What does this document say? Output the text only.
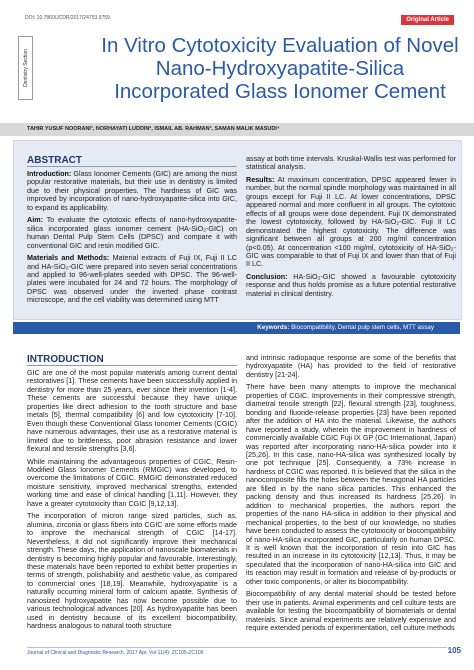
DOI: 10.7860/JCDR/2017/24753.9759	Original Article
Dentistry Section
In Vitro Cytotoxicity Evaluation of Novel Nano-Hydroxyapatite-Silica Incorporated Glass Ionomer Cement
TAHIR YUSUF NOORANI¹, NORHAYATI LUDDIN², ISMAIL AB. RAHMAN³, SAMAN MALIK MASUDI⁴
ABSTRACT

Introduction: Glass Ionomer Cements (GIC) are among the most popular restorative materials, but their use in dentistry is limited due to their physical properties. The hardness of GIC was improved by incorporation of nano-hydroxyapatite-silica into GIC, to expand its applicability.

Aim: To evaluate the cytotoxic effects of nano-hydroxyapatite-silica incorporated glass ionomer cement (HA-SiO₂-GIC) on human Dental Pulp Stem Cells (DPSC) and compare it with conventional GIC and resin modified GIC.

Materials and Methods: Material extracts of Fuji IX, Fuji II LC and HA-SiO₂-GIC were prepared into seven serial concentrations and applied to 96-well-plates seeded with DPSC. The 96-well-plates were incubated for 24 and 72 hours. The morphology of DPSC was observed under the inverted phase contrast microscope, and the cell viability was determined using MTT

assay at both time intervals. Kruskal-Wallis test was performed for statistical analysis.

Results: At maximum concentration, DPSC appeared fewer in number, but the normal spindle morphology was maintained in all groups except for Fuji II LC. At lower concentrations, DPSC appeared normal and more confluent in all groups. The cytotoxic effects of all groups were dose dependent. Fuji IX demonstrated the lowest cytotoxicity, followed by HA-SiO₂-GIC. Fuji II LC demonstrated the highest cytotoxicity. The difference was significant between all groups at 200 mg/ml concentration (p<0.05). At concentration <100 mg/ml, cytotoxicity of HA-SiO₂-GIC was comparable to that of Fuji IX and lower than that of Fuji II LC.

Conclusion: HA-SiO₂-GIC showed a favourable cytotoxicity response and thus holds promise as a future potential restorative material in clinical dentistry.

Keywords: Biocompatibility, Dental pulp stem cells, MTT assay
INTRODUCTION

GIC are one of the most popular materials among current dental restoratives [1]. These cements have been successfully applied in dentistry for more than 25 years, ever since their invention [1-4]. These cements are successful because they have unique properties like direct adhesion to the tooth structure and base metals [5], thermal compatibility [6] and low cytotoxicity [7-10]. Even though these Conventional Glass Ionomer Cements (CGIC) have numerous advantages, their use as a restorative material is limited due to brittleness, poor abrasion resistance and lower flexural and tensile strengths [3,6].

While maintaining the advantageous properties of CGIC, Resin-Modified Glass Ionomer Cements (RMGIC) was developed, to overcome the limitations of CGIC. RMGIC demonstrated reduced moisture sensitivity, improved mechanical strengths, extended working time and ease of clinical handling [1,11]. However, they have a greater cytotoxicity than CGIC [9,12,13].

The incorporation of micron range sized particles, such as, alumina, zirconia or glass fibers into CGIC are some efforts made to improve the mechanical strength of CGIC [14-17]. Nevertheless, it did not significantly improve their mechanical strength. These days, the application of nanoscale biomaterials in dentistry is becoming highly popular and favourable. Interestingly, these materials have been reported to exhibit better properties in terms of strength, polishability and aesthetic value, as compared to commercial ones [18,19]. Meanwhile, hydroxyapatite is a naturally occurring mineral form of calcium apatite. Synthesis of nanosized hydroxyapatite has now become possible due to various technological advances [20]. As hydroxyapatite has been used in dentistry because of its excellent biocompatibility, hardness analogous to natural tooth structure

and intrinsic radiopaque response are some of the benefits that hydroxyapatite (HA) has provided to the field of restorative dentistry [21-24].

There have been many attempts to improve the mechanical properties of CGIC. Improvements in their compressive strength, diametral tensile strength [22], flexural strength [23], toughness, bonding and fluoride-release properties [23] have been reported after the addition of HA into the material. Likewise, the authors have reported a study, wherein the improvement in hardness of commercially available CGIC Fuji IX GP (GC International, Japan) was reported after incorporating nano-HA-silica powder into it [25,26]. In this case, nano-HA-silica was synthesized locally by one pot technique [25]. Consequently, a 73% increase in hardness of CGIC was reported. It is believed that the silica in the nanocomposite fills the holes between the hexagonal HA particles are filled in by the nano silica particles. This enhanced the packing density and thus increased its hardness [25,26]. In addition to mechanical properties, the authors report the properties of the nano HA-silica in addition to their physical and mechanical properties, to the best of our knowledge, no studies have been conducted to assess the cytotoxicity or biocompatibility of nano-HA-silica incorporated GIC, particularly on human DPSC. It is well known that the incorporation of resin into GIC has resulted in an increase in its cytotoxicity [12,13]. Thus, it may be speculated that the incorporation of nano-HA-silica into GIC and its reaction may result in formation and release of by-products or other toxic components, or alter its biocompatibility.

Biocompatibility of any dental material should be tested before their use in patients. Animal experiments and cell culture tests are available for testing the biocompatibility of biomaterials or dental materials. Since animal experiments are relatively expensive and require extended periods of experimentation, cell culture methods

Journal of Clinical and Diagnostic Research. 2017 Apr, Vol-11(4): ZC105-ZC109	105
